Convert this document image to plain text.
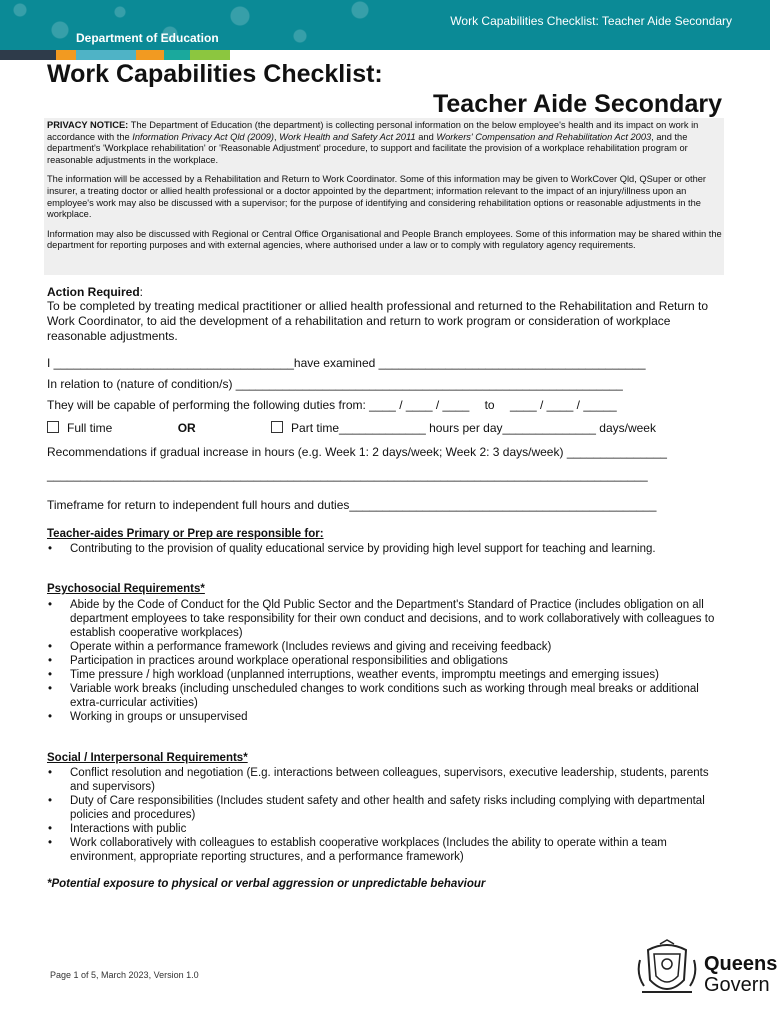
Department of Education
Work Capabilities Checklist: Teacher Aide Secondary
Work Capabilities Checklist:
Teacher Aide Secondary

PRIVACY NOTICE: The Department of Education (the department) is collecting personal information on the below employee's health and its impact on work in accordance with the Information Privacy Act Qld (2009), Work Health and Safety Act 2011 and Workers' Compensation and Rehabilitation Act 2003, and the department's 'Workplace rehabilitation' or 'Reasonable Adjustment' procedure, to support and facilitate the provision of a workplace rehabilitation program or reasonable adjustments in the workplace.

The information will be accessed by a Rehabilitation and Return to Work Coordinator. Some of this information may be given to WorkCover Qld, QSuper or other insurer, a treating doctor or allied health professional or a doctor appointed by the department; information relevant to the impact of an injury/illness upon an employee's work may also be discussed with a supervisor; for the purpose of identifying and considering rehabilitation options or reasonable adjustments in the workplace.

Information may also be discussed with Regional or Central Office Organisational and People Branch employees. Some of this information may be shared within the department for reporting purposes and with external agencies, where authorised under a law or to comply with regulatory agency requirements.

Action Required:

To be completed by treating medical practitioner or allied health professional and returned to the Rehabilitation and Return to Work Coordinator, to aid the development of a rehabilitation and return to work program or consideration of workplace reasonable adjustments.

I ____________________________________have examined ________________________________________
In relation to (nature of condition/s) __________________________________________________________
They will be capable of performing the following duties from: ____ / ____ / ____ to ____ / ____ / _____
Full time	OR	Part time_____________ hours per day______________ days/week
Recommendations if gradual increase in hours (e.g. Week 1: 2 days/week; Week 2: 3 days/week) _______________
__________________________________________________________________________________________
Timeframe for return to independent full hours and duties______________________________________________
Teacher-aides Primary or Prep are responsible for:
• Contributing to the provision of quality educational service by providing high level support for teaching and learning.
Psychosocial Requirements*
• Abide by the Code of Conduct for the Qld Public Sector and the Department's Standard of Practice (includes obligation on all department employees to take responsibility for their own conduct and decisions, and to work collaboratively with colleagues to establish cooperative workplaces)
• Operate within a performance framework (Includes reviews and giving and receiving feedback)
• Participation in practices around workplace operational responsibilities and obligations
• Time pressure / high workload (unplanned interruptions, weather events, impromptu meetings and emerging issues)
• Variable work breaks (including unscheduled changes to work conditions such as working through meal breaks or additional extra-curricular activities)
• Working in groups or unsupervised
Social / Interpersonal Requirements*
• Conflict resolution and negotiation (E.g. interactions between colleagues, supervisors, executive leadership, students, parents and supervisors)
• Duty of Care responsibilities (Includes student safety and other health and safety risks including complying with departmental policies and procedures)
• Interactions with public
• Work collaboratively with colleagues to establish cooperative workplaces (Includes the ability to operate within a team environment, appropriate reporting structures, and a performance framework)
*Potential exposure to physical or verbal aggression or unpredictable behaviour
Page 1 of 5, March 2023, Version 1.0	Queens
Govern
